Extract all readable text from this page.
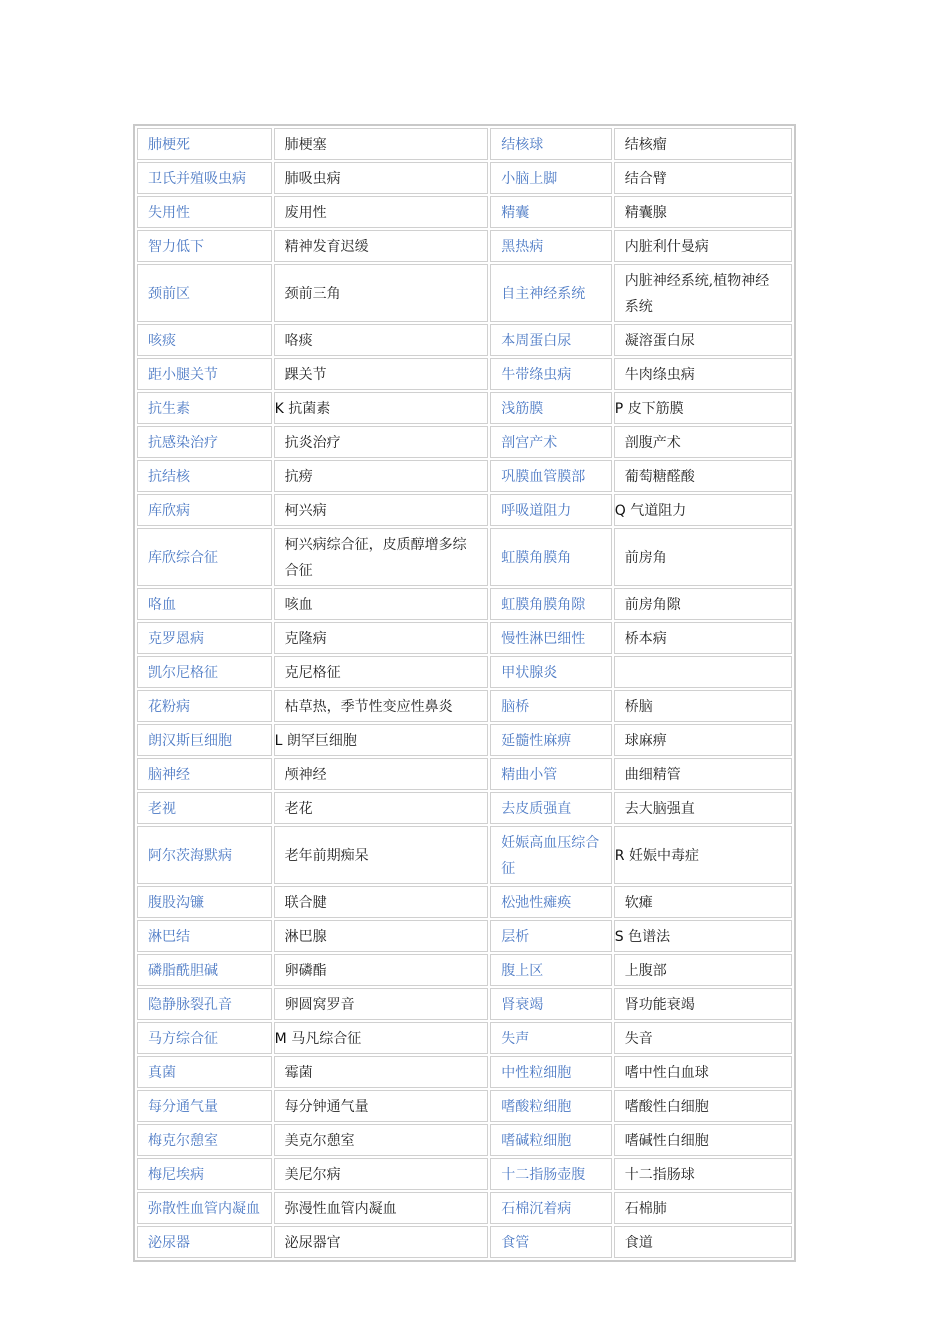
肺梗死	肺梗塞	结核球	结核瘤

卫氏并殖吸虫病	肺吸虫病	小脑上脚	结合臂

失用性	废用性	精囊	精囊腺

智力低下	精神发育迟缓	黑热病	内脏利什曼病

颈前区	颈前三角	自主神经系统	内脏神经系统,植物神经系统

咳痰	咯痰	本周蛋白尿	凝溶蛋白尿

距小腿关节	踝关节	牛带绦虫病	牛肉绦虫病

抗生素	K 抗菌素	浅筋膜	P 皮下筋膜

抗感染治疗	抗炎治疗	剖宫产术	剖腹产术

抗结核	抗痨	巩膜血管膜部	葡萄糖醛酸

库欣病	柯兴病	呼吸道阻力	Q 气道阻力

库欣综合征	柯兴病综合征，皮质醇增多综合征	虹膜角膜角	前房角

咯血	咳血	虹膜角膜角隙	前房角隙

克罗恩病	克隆病	慢性淋巴细性	桥本病

凯尔尼格征	克尼格征	甲状腺炎	

花粉病	枯草热，季节性变应性鼻炎	脑桥	桥脑

朗汉斯巨细胞	L 朗罕巨细胞	延髓性麻痹	球麻痹

脑神经	颅神经	精曲小管	曲细精管

老视	老花	去皮质强直	去大脑强直

阿尔茨海默病	老年前期痴呆	妊娠高血压综合征	R 妊娠中毒症

腹股沟镰	联合腱	松弛性瘫痪	软瘫

淋巴结	淋巴腺	层析	S 色谱法

磷脂酰胆碱	卵磷酯	腹上区	上腹部

隐静脉裂孔音	卵圆窝罗音	肾衰竭	肾功能衰竭

马方综合征	M 马凡综合征	失声	失音

真菌	霉菌	中性粒细胞	嗜中性白血球

每分通气量	每分钟通气量	嗜酸粒细胞	嗜酸性白细胞

梅克尔憩室	美克尔憩室	嗜碱粒细胞	嗜碱性白细胞

梅尼埃病	美尼尔病	十二指肠壶腹	十二指肠球

弥散性血管内凝血	弥漫性血管内凝血	石棉沉着病	石棉肺

泌尿器	泌尿器官	食管	食道
